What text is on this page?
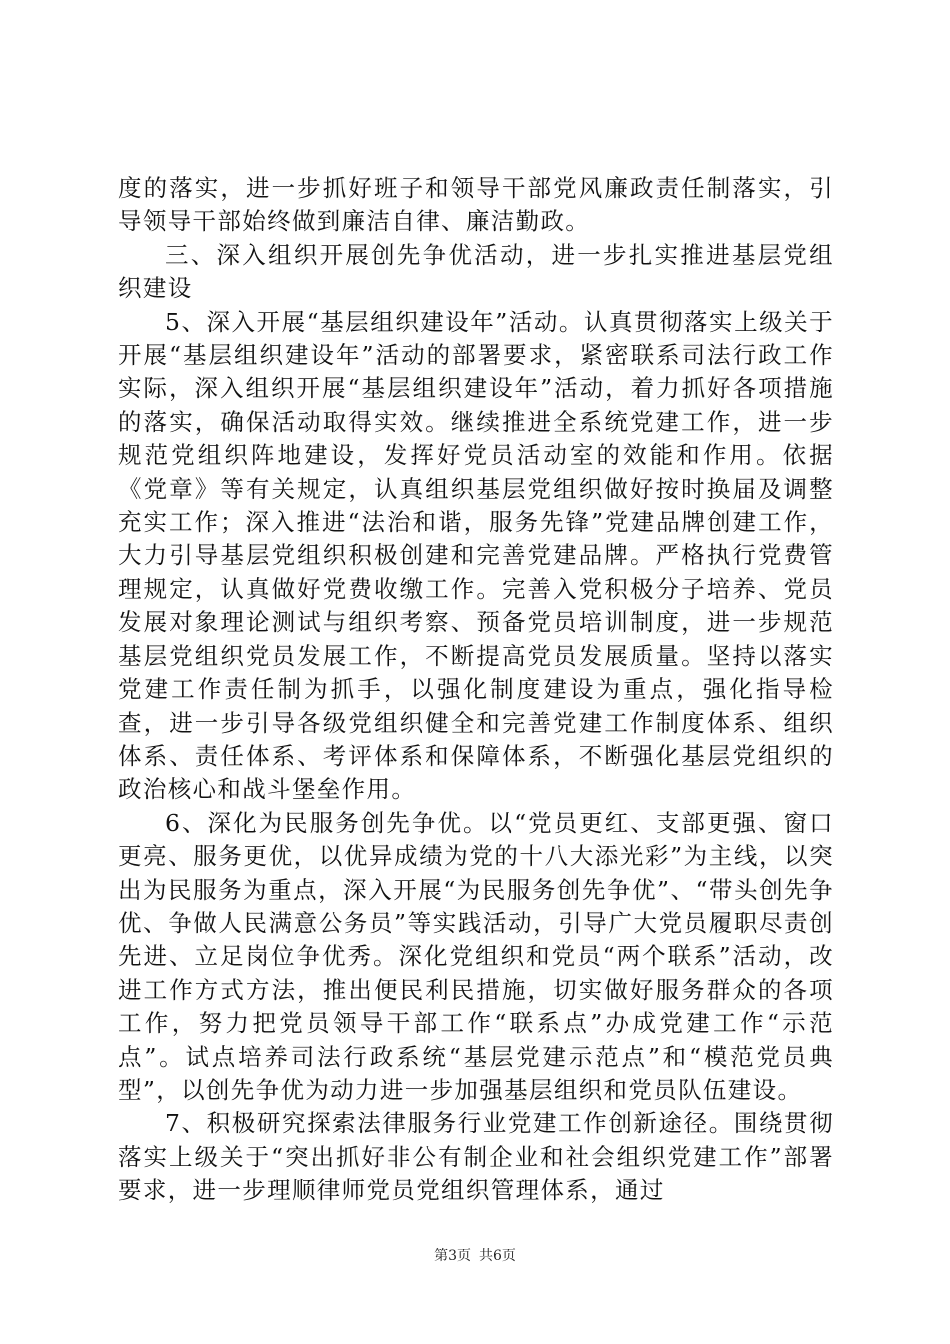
度的落实，进一步抓好班子和领导干部党风廉政责任制落实，引导领导干部始终做到廉洁自律、廉洁勤政。

三、深入组织开展创先争优活动，进一步扎实推进基层党组织建设

5、深入开展“基层组织建设年”活动。认真贯彻落实上级关于开展“基层组织建设年”活动的部署要求，紧密联系司法行政工作实际，深入组织开展“基层组织建设年”活动，着力抓好各项措施的落实，确保活动取得实效。继续推进全系统党建工作，进一步规范党组织阵地建设，发挥好党员活动室的效能和作用。依据《党章》等有关规定，认真组织基层党组织做好按时换届及调整充实工作；深入推进“法治和谐，服务先锋”党建品牌创建工作，大力引导基层党组织积极创建和完善党建品牌。严格执行党费管理规定，认真做好党费收缴工作。完善入党积极分子培养、党员发展对象理论测试与组织考察、预备党员培训制度，进一步规范基层党组织党员发展工作，不断提高党员发展质量。坚持以落实党建工作责任制为抓手，以强化制度建设为重点，强化指导检查，进一步引导各级党组织健全和完善党建工作制度体系、组织体系、责任体系、考评体系和保障体系，不断强化基层党组织的政治核心和战斗堡垒作用。

6、深化为民服务创先争优。以“党员更红、支部更强、窗口更亮、服务更优，以优异成绩为党的十八大添光彩”为主线，以突出为民服务为重点，深入开展“为民服务创先争优”、“带头创先争优、争做人民满意公务员”等实践活动，引导广大党员履职尽责创先进、立足岗位争优秀。深化党组织和党员“两个联系”活动，改进工作方式方法，推出便民利民措施，切实做好服务群众的各项工作，努力把党员领导干部工作“联系点”办成党建工作“示范点”。试点培养司法行政系统“基层党建示范点”和“模范党员典型”，以创先争优为动力进一步加强基层组织和党员队伍建设。

7、积极研究探索法律服务行业党建工作创新途径。围绕贯彻落实上级关于“突出抓好非公有制企业和社会组织党建工作”部署要求，进一步理顺律师党员党组织管理体系，通过

第3页 共6页
